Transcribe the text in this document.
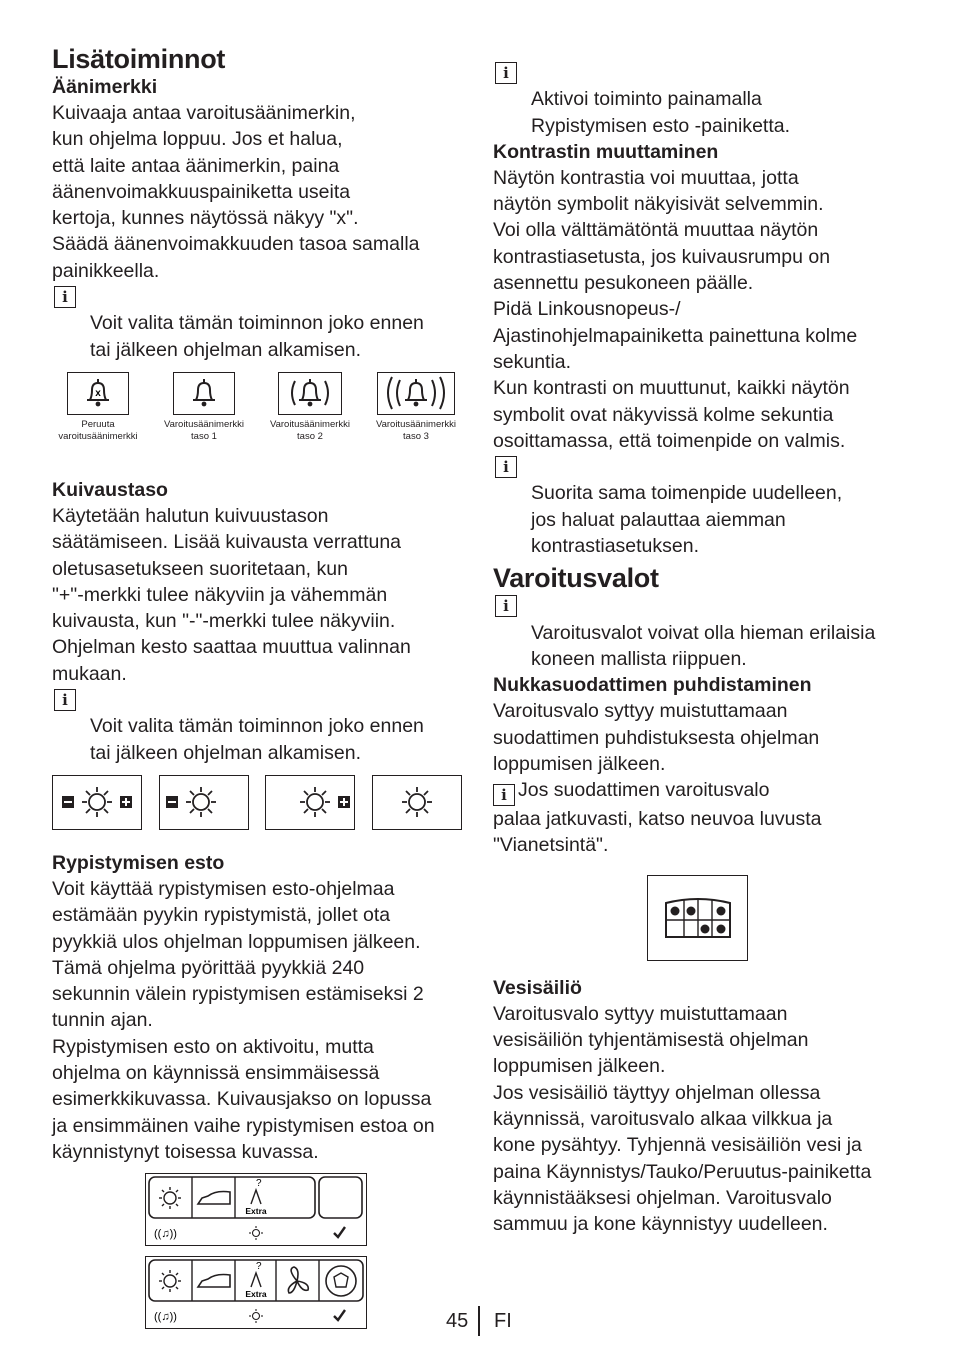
Lisätoiminnot
Äänimerkki

Kuivaaja antaa varoitusäänimerkin,
kun ohjelma loppuu. Jos et halua,
että laite antaa äänimerkin, paina
äänenvoimakkuuspainiketta useita
kertoja, kunnes näytössä näkyy "x".
Säädä äänenvoimakkuuden tasoa samalla
painikkeella.

i
Voit valita tämän toiminnon joko ennen
tai jälkeen ohjelman alkamisen.

x
Peruuta
varoitusäänimerkki
Varoitusäänimerkki
taso 1
Varoitusäänimerkki
taso 2
Varoitusäänimerkki
taso 3
Kuivaustaso

Käytetään halutun kuivuustason
säätämiseen. Lisää kuivausta verrattuna
oletusasetukseen suoritetaan, kun
"+"-merkki tulee näkyviin ja vähemmän
kuivausta, kun "-"-merkki tulee näkyviin.
Ohjelman kesto saattaa muuttua valinnan
mukaan.

i
Voit valita tämän toiminnon joko ennen
tai jälkeen ohjelman alkamisen.

Rypistymisen esto

Voit käyttää rypistymisen esto-ohjelmaa
estämään pyykin rypistymistä, jollet ota
pyykkiä ulos ohjelman loppumisen jälkeen.
Tämä ohjelma pyörittää pyykkiä 240
sekunnin välein rypistymisen estämiseksi 2
tunnin ajan.
Rypistymisen esto on aktivoitu, mutta
ohjelma on käynnissä ensimmäisessä
esimerkkikuvassa. Kuivausjakso on lopussa
ja ensimmäinen vaihe rypistymisen estoa on
käynnistynyt toisessa kuvassa.

?
Extra
((♫))
?
Extra
((♫))

i
Aktivoi toiminto painamalla
Rypistymisen esto -painiketta.

Kontrastin muuttaminen

Näytön kontrastia voi muuttaa, jotta
näytön symbolit näkyisivät selvemmin.
Voi olla välttämätöntä muuttaa näytön
kontrastiasetusta, jos kuivausrumpu on
asennettu pesukoneen päälle.
Pidä Linkousnopeus-/
Ajastinohjelmapainiketta painettuna kolme
sekuntia.
Kun kontrasti on muuttunut, kaikki näytön
symbolit ovat näkyvissä kolme sekuntia
osoittamassa, että toimenpide on valmis.

i
Suorita sama toimenpide uudelleen,
jos haluat palauttaa aiemman
kontrastiasetuksen.

Varoitusvalot

i
Varoitusvalot voivat olla hieman erilaisia
koneen mallista riippuen.

Nukkasuodattimen puhdistaminen

Varoitusvalo syttyy muistuttamaan
suodattimen puhdistuksesta ohjelman
loppumisen jälkeen.

i Jos suodattimen varoitusvalo
palaa jatkuvasti, katso neuvoa luvusta
"Vianetsintä".
Vesisäiliö

Varoitusvalo syttyy muistuttamaan
vesisäiliön tyhjentämisestä ohjelman
loppumisen jälkeen.
Jos vesisäiliö täyttyy ohjelman ollessa
käynnissä, varoitusvalo alkaa vilkkua ja
kone pysähtyy. Tyhjennä vesisäiliön vesi ja
paina Käynnistys/Tauko/Peruutus-painiketta
käynnistääksesi ohjelman. Varoitusvalo
sammuu ja kone käynnistyy uudelleen.

45 FI
